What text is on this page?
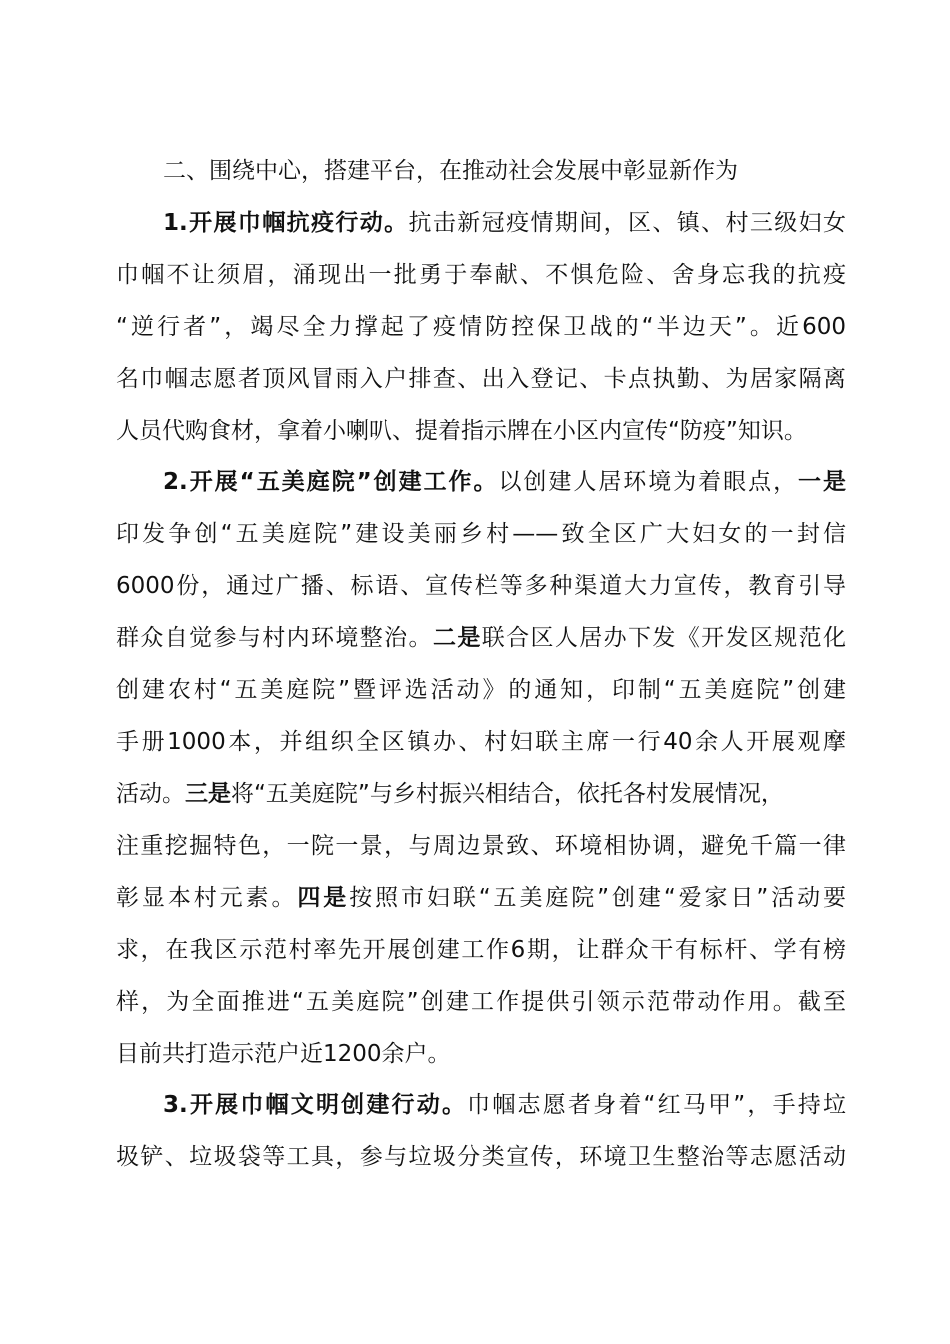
二、围绕中心，搭建平台，在推动社会发展中彰显新作为
1.开展巾帼抗疫行动。抗击新冠疫情期间，区、镇、村三级妇女
巾帼不让须眉，涌现出一批勇于奉献、不惧危险、舍身忘我的抗疫
“逆行者”，竭尽全力撑起了疫情防控保卫战的“半边天”。近600
名巾帼志愿者顶风冒雨入户排查、出入登记、卡点执勤、为居家隔离
人员代购食材，拿着小喇叭、提着指示牌在小区内宣传“防疫”知识。
2.开展“五美庭院”创建工作。以创建人居环境为着眼点，一是
印发争创“五美庭院”建设美丽乡村——致全区广大妇女的一封信
6000份，通过广播、标语、宣传栏等多种渠道大力宣传，教育引导
群众自觉参与村内环境整治。二是联合区人居办下发《开发区规范化
创建农村“五美庭院”暨评选活动》的通知，印制“五美庭院”创建
手册1000本，并组织全区镇办、村妇联主席一行40余人开展观摩
活动。三是将“五美庭院”与乡村振兴相结合，依托各村发展情况，
注重挖掘特色，一院一景，与周边景致、环境相协调，避免千篇一律
彰显本村元素。四是按照市妇联“五美庭院”创建“爱家日”活动要
求，在我区示范村率先开展创建工作6期，让群众干有标杆、学有榜
样，为全面推进“五美庭院”创建工作提供引领示范带动作用。截至
目前共打造示范户近1200余户。
3.开展巾帼文明创建行动。巾帼志愿者身着“红马甲”，手持垃
圾铲、垃圾袋等工具，参与垃圾分类宣传，环境卫生整治等志愿活动
